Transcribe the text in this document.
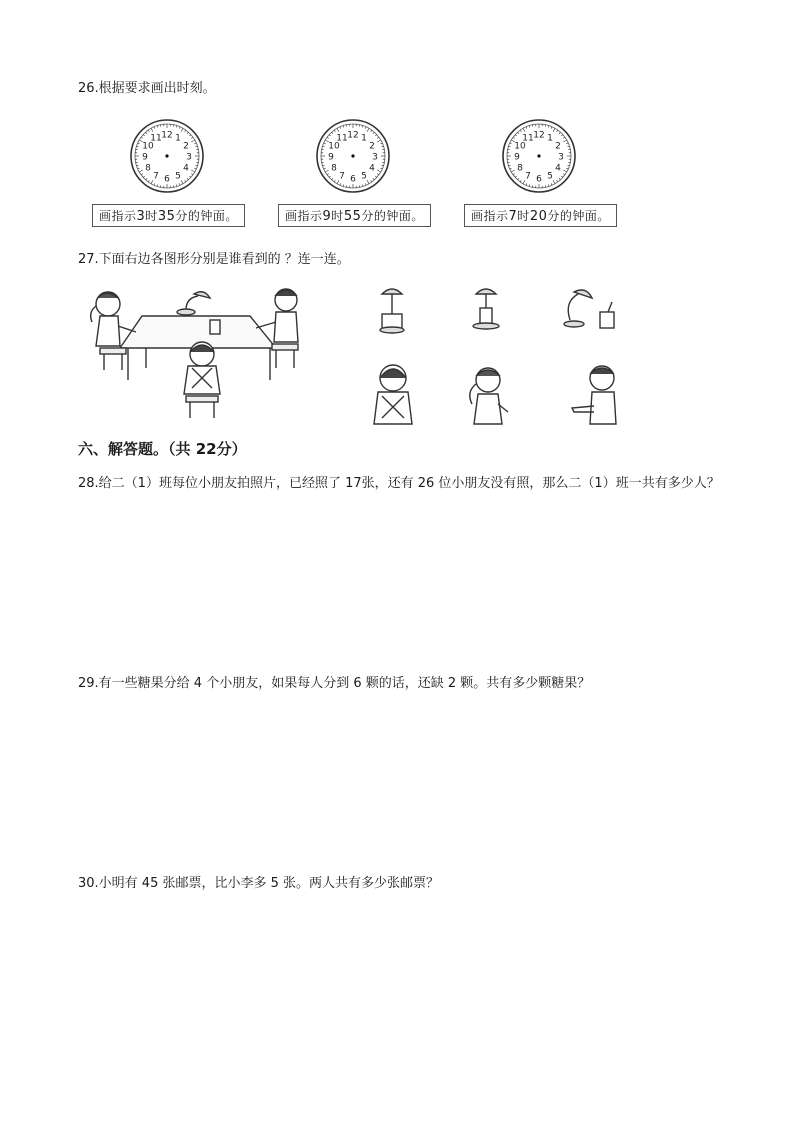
26.根据要求画出时刻。
12 1
2
3
4
5
6
7
8
9
10
11
画指示3时35分的钟面。
12 1
2
3
4
5
6
7
8
9
10
11
画指示9时55分的钟面。
12 1
2
3
4
5
6
7
8
9
10
11
画指示7时20分的钟面。
27.下面右边各图形分别是谁看到的 ？连一连。
六、解答题。（共 22分）
28.给二（1）班每位小朋友拍照片，已经照了 17张，还有 26 位小朋友没有照，那么二（1）班一共有多少人？
29.有一些糖果分给 4 个小朋友，如果每人分到 6 颗的话，还缺 2 颗。共有多少颗糖果？
30.小明有 45 张邮票，比小李多 5 张。两人共有多少张邮票？
